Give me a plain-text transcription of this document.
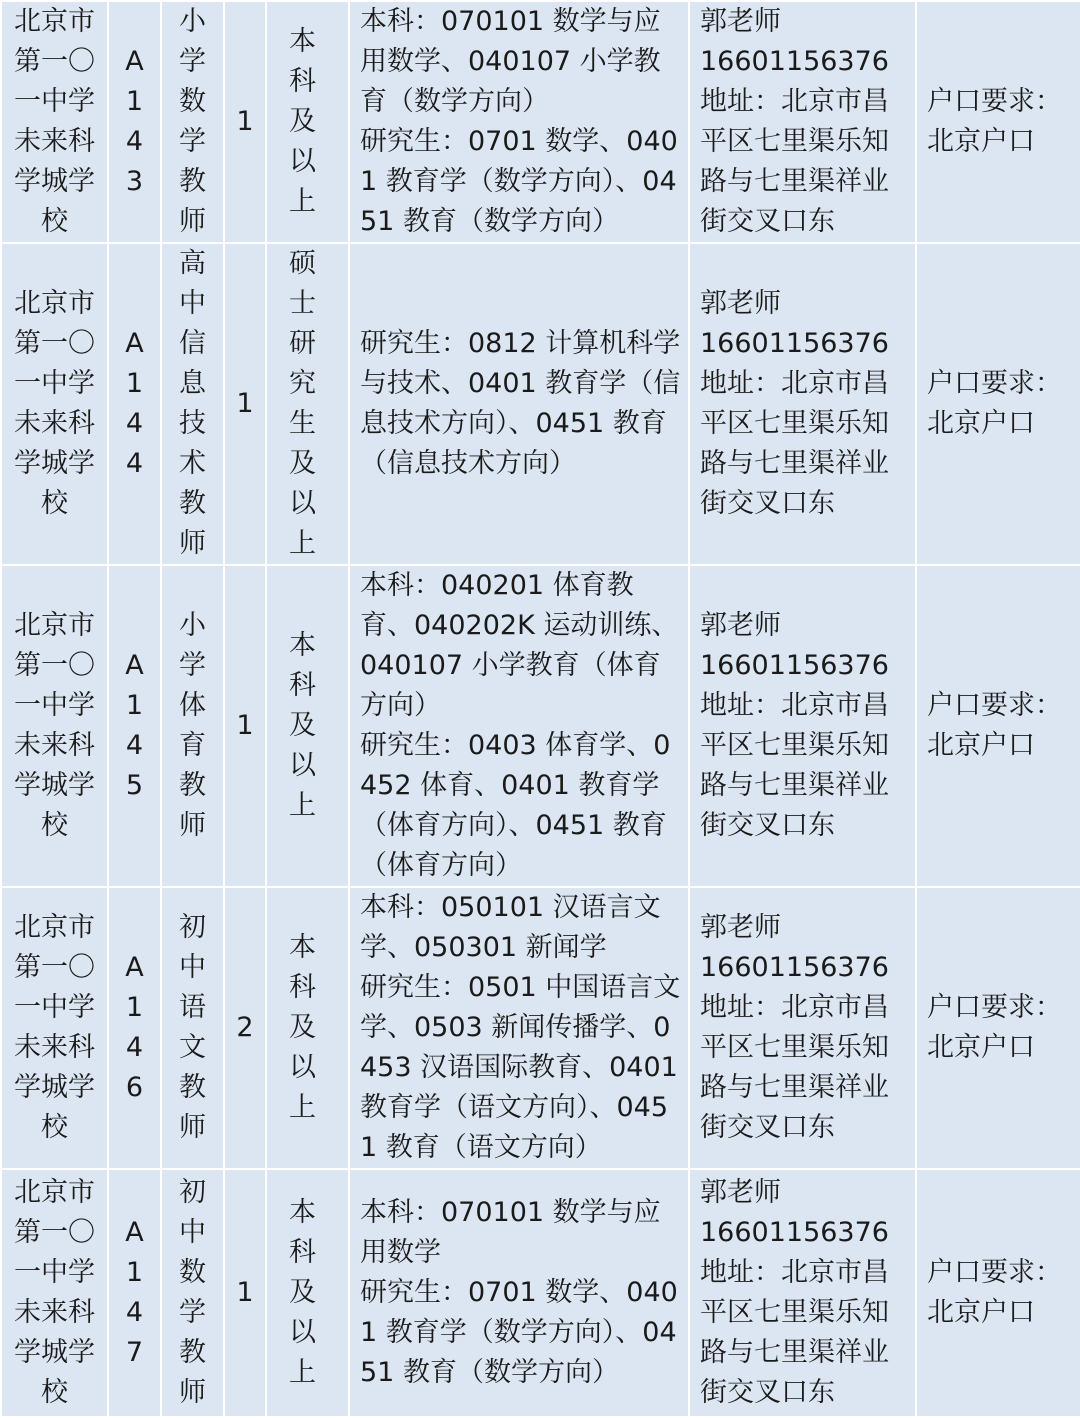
北京市第一〇一中学未来科学城学校	A143	小学数学教师	1	本科及以上	本科：070101 数学与应用数学、040107 小学教育（数学方向）
研究生：0701 数学、0401 教育学（数学方向）、0451 教育（数学方向）	郭老师
16601156376
地址：北京市昌平区七里渠乐知路与七里渠祥业街交叉口东	户口要求：北京户口
北京市第一〇一中学未来科学城学校	A144	高中信息技术教师	1	硕士研究生及以上	研究生：0812 计算机科学与技术、0401 教育学（信息技术方向）、0451 教育（信息技术方向）	郭老师
16601156376
地址：北京市昌平区七里渠乐知路与七里渠祥业街交叉口东	户口要求：北京户口
北京市第一〇一中学未来科学城学校	A145	小学体育教师	1	本科及以上	本科：040201 体育教育、040202K 运动训练、040107 小学教育（体育方向）
研究生：0403 体育学、0452 体育、0401 教育学（体育方向）、0451 教育（体育方向）	郭老师
16601156376
地址：北京市昌平区七里渠乐知路与七里渠祥业街交叉口东	户口要求：北京户口
北京市第一〇一中学未来科学城学校	A146	初中语文教师	2	本科及以上	本科：050101 汉语言文学、050301 新闻学
研究生：0501 中国语言文学、0503 新闻传播学、0453 汉语国际教育、0401 教育学（语文方向）、0451 教育（语文方向）	郭老师
16601156376
地址：北京市昌平区七里渠乐知路与七里渠祥业街交叉口东	户口要求：北京户口
北京市第一〇一中学未来科学城学校	A147	初中数学教师	1	本科及以上	本科：070101 数学与应用数学
研究生：0701 数学、0401 教育学（数学方向）、0451 教育（数学方向）	郭老师
16601156376
地址：北京市昌平区七里渠乐知路与七里渠祥业街交叉口东	户口要求：北京户口
